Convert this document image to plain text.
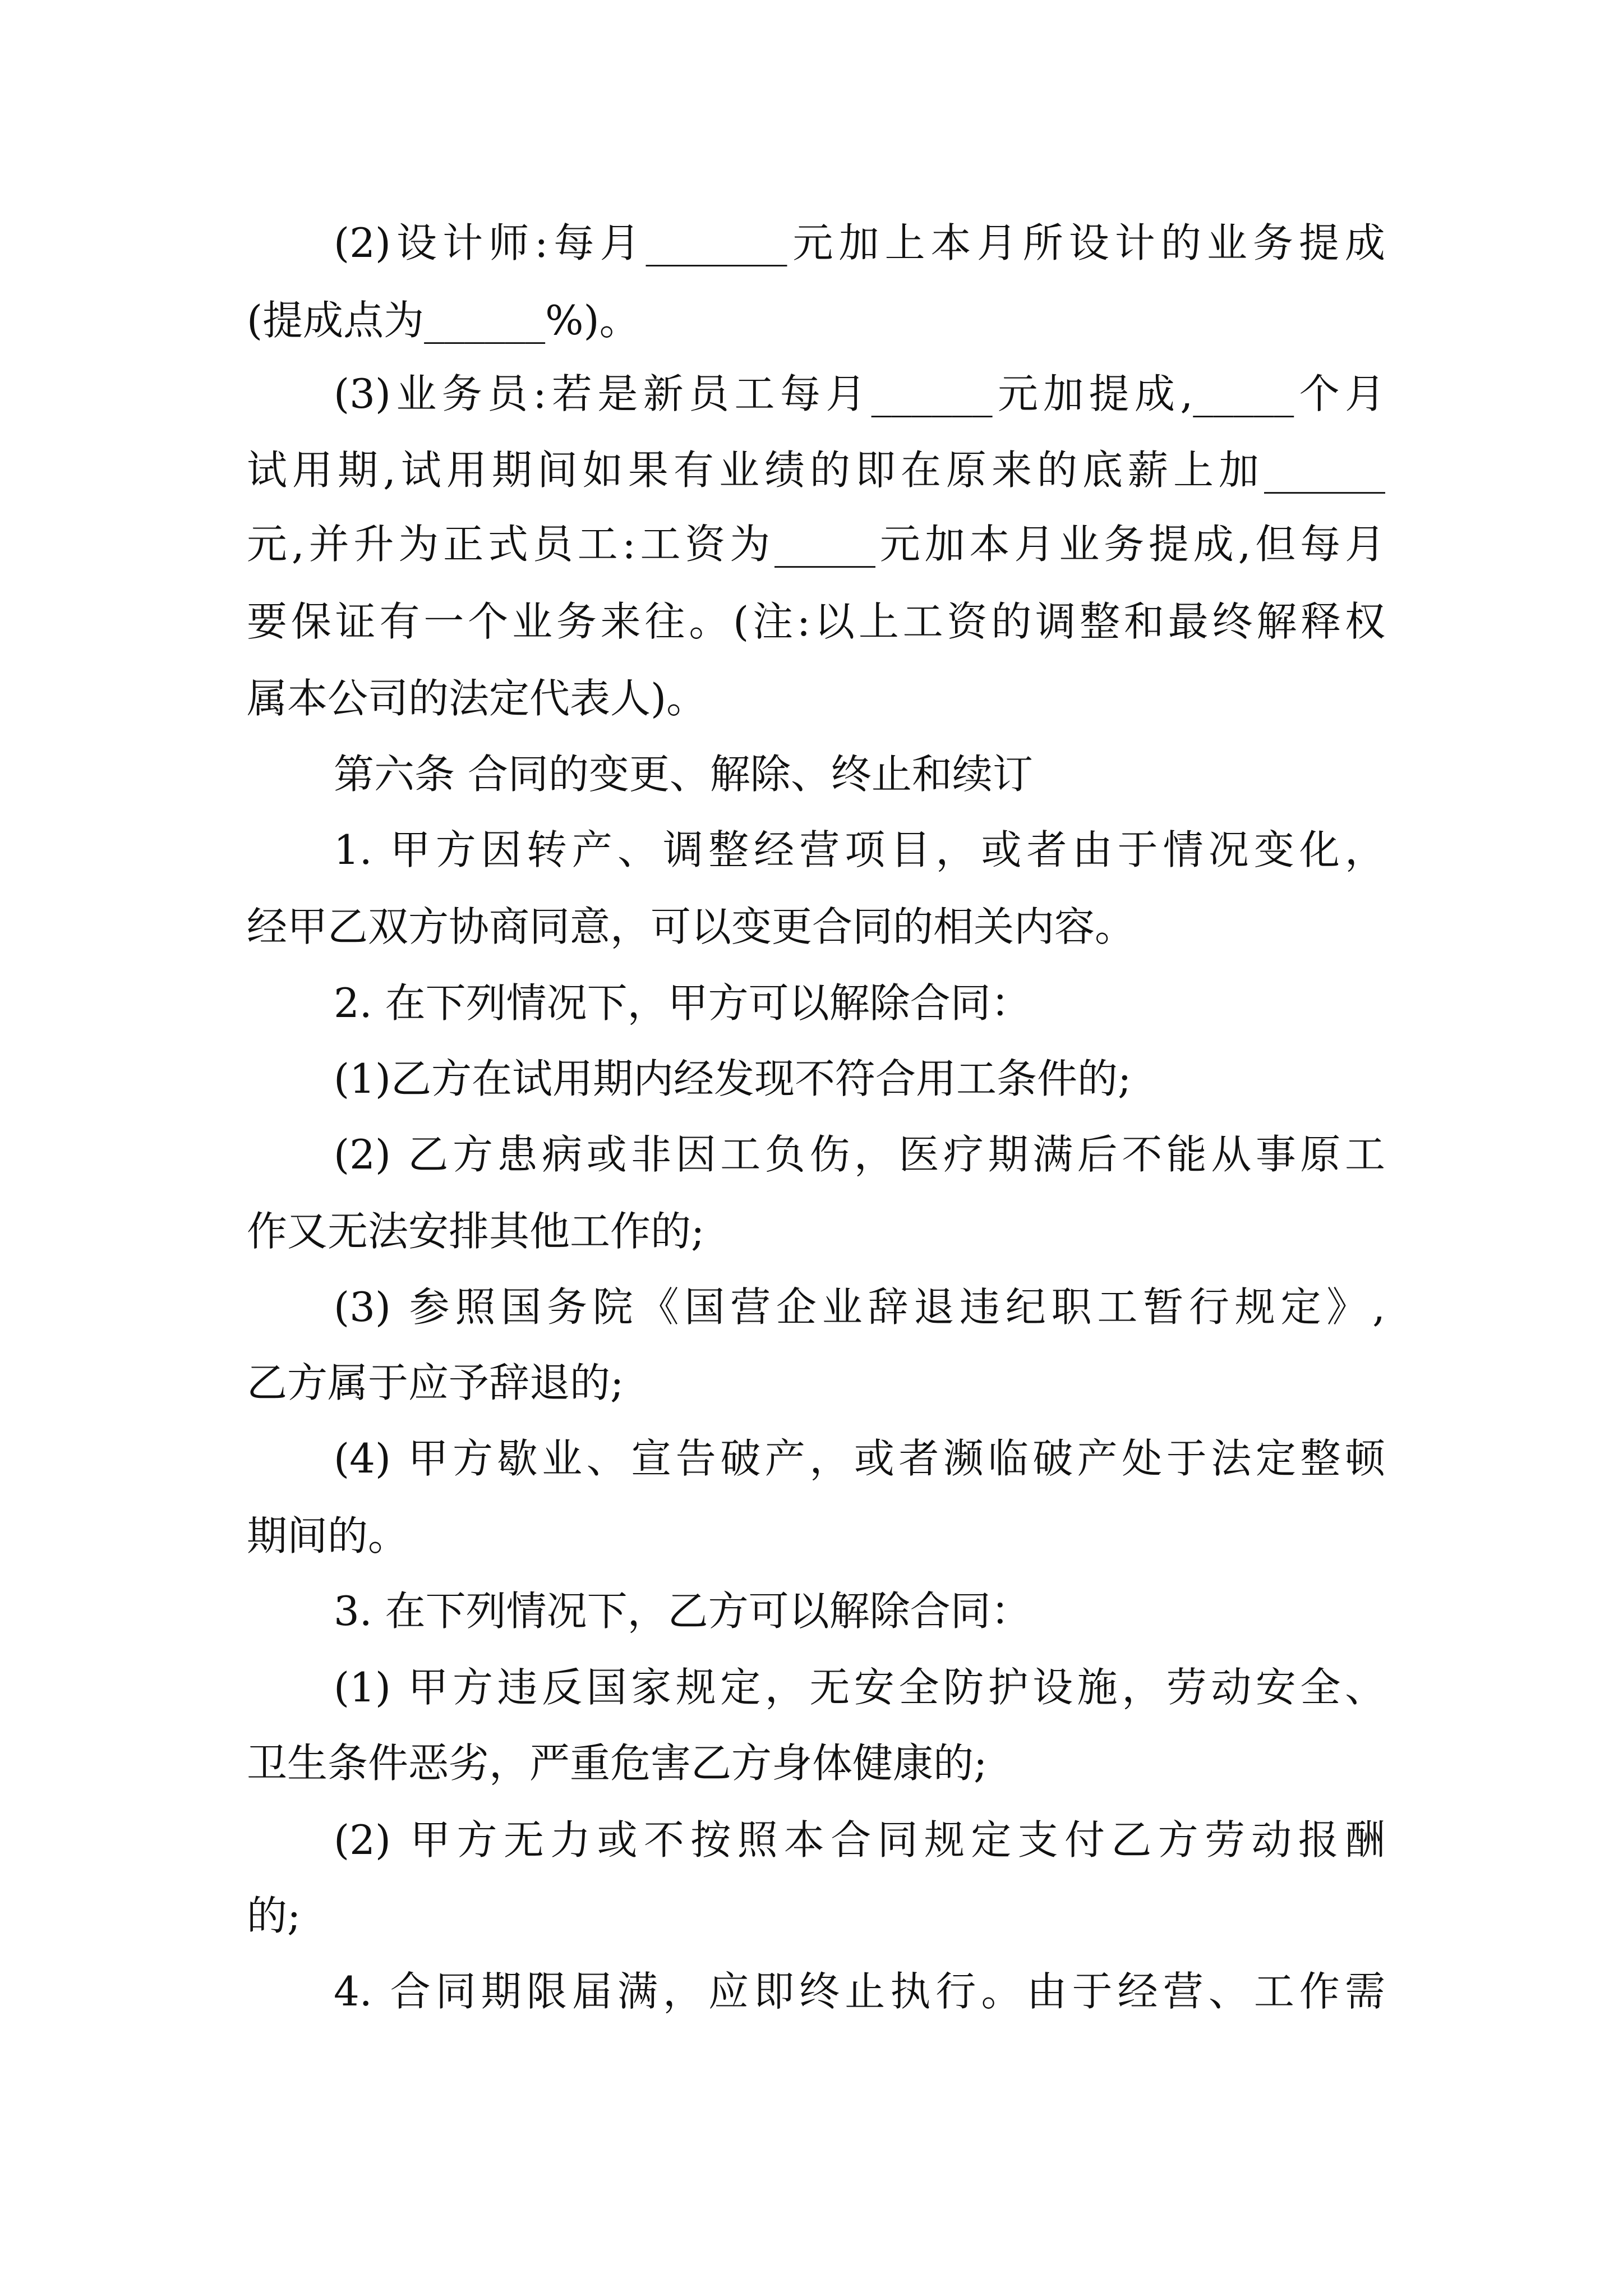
(2)设计师:每月_______元加上本月所设计的业务提成
(提成点为______%)。
(3)业务员:若是新员工每月______元加提成,_____个月
试用期,试用期间如果有业绩的即在原来的底薪上加______
元,并升为正式员工:工资为_____元加本月业务提成,但每月
要保证有一个业务来往。(注:以上工资的调整和最终解释权
属本公司的法定代表人)。
第六条 合同的变更、解除、终止和续订
1. 甲方因转产、调整经营项目，或者由于情况变化，
经甲乙双方协商同意，可以变更合同的相关内容。
2. 在下列情况下，甲方可以解除合同：
(1)乙方在试用期内经发现不符合用工条件的;
(2) 乙方患病或非因工负伤，医疗期满后不能从事原工
作又无法安排其他工作的;
(3) 参照国务院《国营企业辞退违纪职工暂行规定》,
乙方属于应予辞退的;
(4) 甲方歇业、宣告破产，或者濒临破产处于法定整顿
期间的。
3. 在下列情况下，乙方可以解除合同：
(1) 甲方违反国家规定，无安全防护设施，劳动安全、
卫生条件恶劣，严重危害乙方身体健康的;
(2) 甲方无力或不按照本合同规定支付乙方劳动报酬
的;
4. 合同期限届满，应即终止执行。由于经营、工作需
